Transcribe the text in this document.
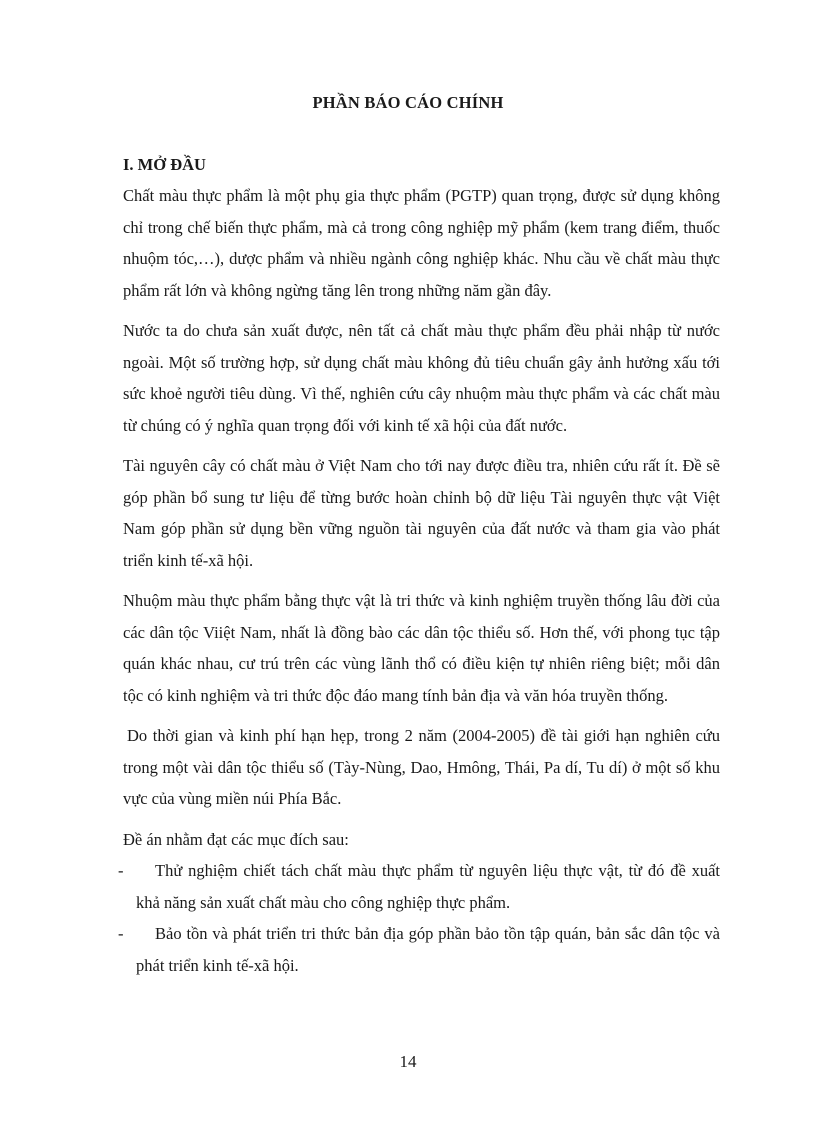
PHẦN BÁO CÁO CHÍNH
I. MỞ ĐẦU

Chất màu thực phẩm là một phụ gia thực phẩm (PGTP) quan trọng, được sử dụng không chỉ trong chế biến thực phẩm, mà cả trong công nghiệp mỹ phẩm (kem trang điểm, thuốc nhuộm tóc,…), dược phẩm và nhiều ngành công nghiệp khác. Nhu cầu về chất màu thực phẩm rất lớn và không ngừng tăng lên trong những năm gần đây.

Nước ta do chưa sản xuất được, nên tất cả chất màu thực phẩm đều phải nhập từ nước ngoài. Một số trường hợp, sử dụng chất màu không đủ tiêu chuẩn gây ảnh hưởng xấu tới sức khoẻ người tiêu dùng. Vì thế, nghiên cứu cây nhuộm màu thực phẩm và các chất màu từ chúng có ý nghĩa quan trọng đối với kinh tế xã hội của đất nước.

Tài nguyên cây có chất màu ở Việt Nam cho tới nay được điều tra, nhiên cứu rất ít. Đề sẽ góp phần bổ sung tư liệu để từng bước hoàn chỉnh bộ dữ liệu Tài nguyên thực vật Việt Nam góp phần sử dụng bền vững nguồn tài nguyên của đất nước và tham gia vào phát triển kinh tế-xã hội.

Nhuộm màu thực phẩm bằng thực vật là tri thức và kinh nghiệm truyền thống lâu đời của các dân tộc Viiệt Nam, nhất là đồng bào các dân tộc thiểu số. Hơn thế, với phong tục tập quán khác nhau, cư trú trên các vùng lãnh thổ có điều kiện tự nhiên riêng biệt; mỗi dân tộc có kinh nghiệm và tri thức độc đáo mang tính bản địa và văn hóa truyền thống.

Do thời gian và kinh phí hạn hẹp, trong 2 năm (2004-2005) đề tài giới hạn nghiên cứu trong một vài dân tộc thiểu số (Tày-Nùng, Dao, Hmông, Thái, Pa dí, Tu dí) ở một số khu vực của vùng miền núi Phía Bắc.

Đề án nhằm đạt các mục đích sau:

-	Thử nghiệm chiết tách chất màu thực phẩm từ nguyên liệu thực vật, từ đó đề xuất khả năng sản xuất chất màu cho công nghiệp thực phẩm.
-	Bảo tồn và phát triển tri thức bản địa góp phần bảo tồn tập quán, bản sắc dân tộc và phát triển kinh tế-xã hội.
14
